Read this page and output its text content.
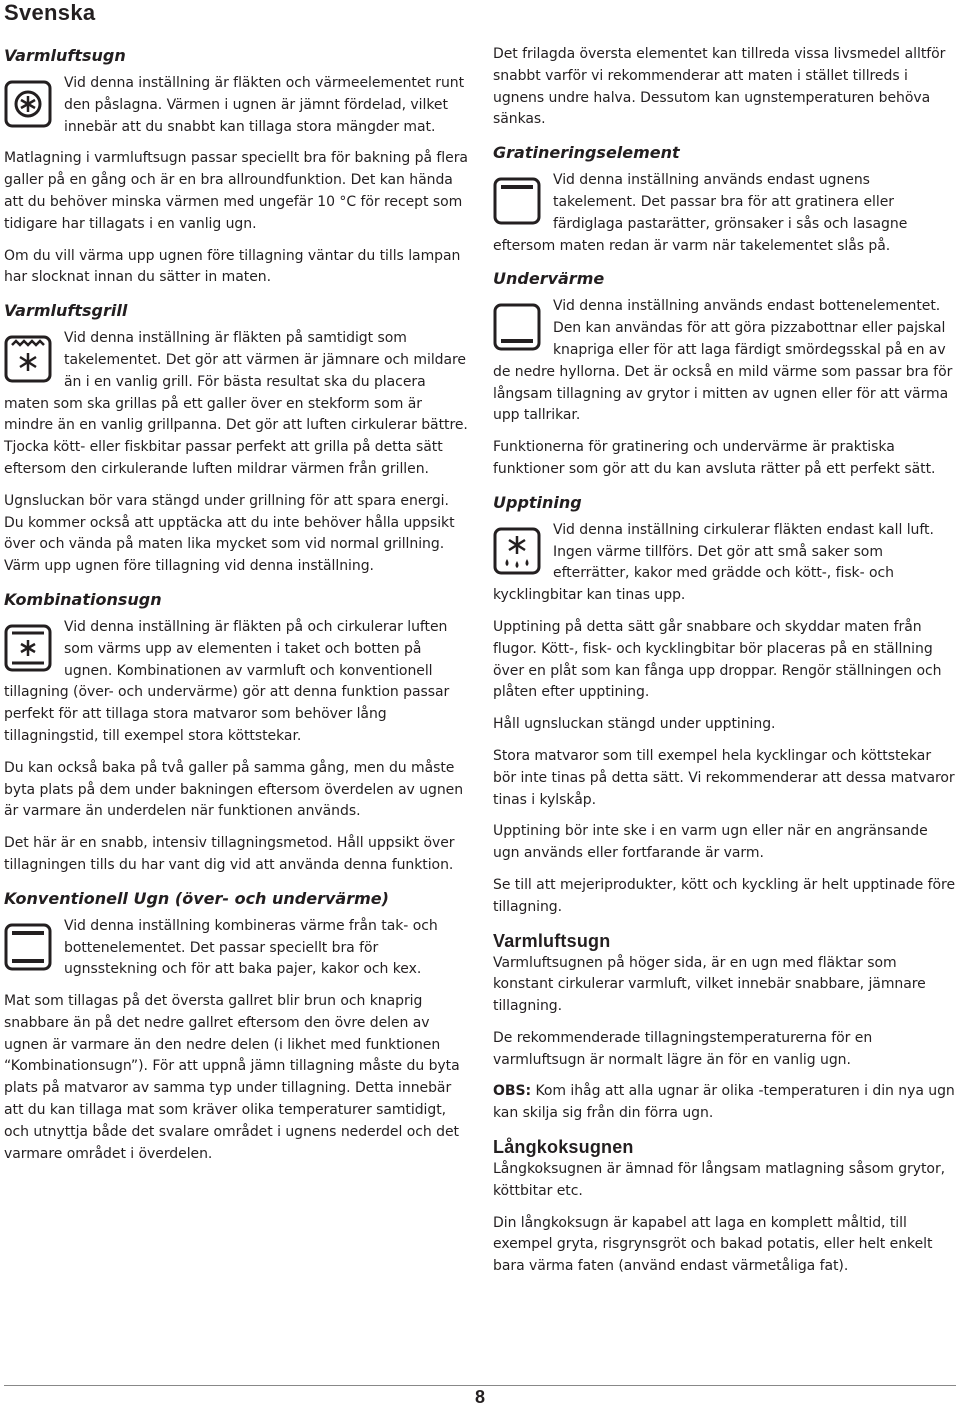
Svenska
Varmluftsugn

Vid denna inställning är fläkten och värmeelementet runt den påslagna. Värmen i ugnen är jämnt fördelad, vilket innebär att du snabbt kan tillaga stora mängder mat.

Matlagning i varmluftsugn passar speciellt bra för bakning på flera galler på en gång och är en bra allroundfunktion. Det kan hända att du behöver minska värmen med ungefär 10 °C för recept som tidigare har tillagats i en vanlig ugn.

Om du vill värma upp ugnen före tillagning väntar du tills lampan har slocknat innan du sätter in maten.

Varmluftsgrill

Vid denna inställning är fläkten på samtidigt som takelementet. Det gör att värmen är jämnare och mildare än i en vanlig grill. För bästa resultat ska du placera maten som ska grillas på ett galler över en stekform som är mindre än en vanlig grillpanna. Det gör att luften cirkulerar bättre. Tjocka kött- eller fiskbitar passar perfekt att grilla på detta sätt eftersom den cirkulerande luften mildrar värmen från grillen.

Ugnsluckan bör vara stängd under grillning för att spara energi. Du kommer också att upptäcka att du inte behöver hålla uppsikt över och vända på maten lika mycket som vid normal grillning. Värm upp ugnen före tillagning vid denna inställning.

Kombinationsugn

Vid denna inställning är fläkten på och cirkulerar luften som värms upp av elementen i taket och botten på ugnen. Kombinationen av varmluft och konventionell tillagning (över- och undervärme) gör att denna funktion passar perfekt för att tillaga stora matvaror som behöver lång tillagningstid, till exempel stora köttstekar.

Du kan också baka på två galler på samma gång, men du måste byta plats på dem under bakningen eftersom överdelen av ugnen är varmare än underdelen när funktionen används.

Det här är en snabb, intensiv tillagningsmetod. Håll uppsikt över tillagningen tills du har vant dig vid att använda denna funktion.

Konventionell Ugn (över- och undervärme)

Vid denna inställning kombineras värme från tak- och bottenelementet. Det passar speciellt bra för ugnsstekning och för att baka pajer, kakor och kex.

Mat som tillagas på det översta gallret blir brun och knaprig snabbare än på det nedre gallret eftersom den övre delen av ugnen är varmare än den nedre delen (i likhet med funktionen “Kombinationsugn”). För att uppnå jämn tillagning måste du byta plats på matvaror av samma typ under tillagning. Detta innebär att du kan tillaga mat som kräver olika temperaturer samtidigt, och utnyttja både det svalare området i ugnens nederdel och det varmare området i överdelen.

Det frilagda översta elementet kan tillreda vissa livsmedel alltför snabbt varför vi rekommenderar att maten i stället tillreds i ugnens undre halva. Dessutom kan ugnstemperaturen behöva sänkas.

Gratineringselement

Vid denna inställning används endast ugnens takelement. Det passar bra för att gratinera eller färdiglaga pastarätter, grönsaker i sås och lasagne eftersom maten redan är varm när takelementet slås på.

Undervärme

Vid denna inställning används endast bottenelementet. Den kan användas för att göra pizzabottnar eller pajskal knapriga eller för att laga färdigt smördegsskal på en av de nedre hyllorna. Det är också en mild värme som passar bra för långsam tillagning av grytor i mitten av ugnen eller för att värma upp tallrikar.

Funktionerna för gratinering och undervärme är praktiska funktioner som gör att du kan avsluta rätter på ett perfekt sätt.

Upptining

Vid denna inställning cirkulerar fläkten endast kall luft. Ingen värme tillförs. Det gör att små saker som efterrätter, kakor med grädde och kött-, fisk- och kycklingbitar kan tinas upp.

Upptining på detta sätt går snabbare och skyddar maten från flugor. Kött-, fisk- och kycklingbitar bör placeras på en ställning över en plåt som kan fånga upp droppar. Rengör ställningen och plåten efter upptining.

Håll ugnsluckan stängd under upptining.

Stora matvaror som till exempel hela kycklingar och köttstekar bör inte tinas på detta sätt. Vi rekommenderar att dessa matvaror tinas i kylskåp.

Upptining bör inte ske i en varm ugn eller när en angränsande ugn används eller fortfarande är varm.

Se till att mejeriprodukter, kött och kyckling är helt upptinade före tillagning.

Varmluftsugn

Varmluftsugnen på höger sida, är en ugn med fläktar som konstant cirkulerar varmluft, vilket innebär snabbare, jämnare tillagning.

De rekommenderade tillagningstemperaturerna för en varmluftsugn är normalt lägre än för en vanlig ugn.

OBS: Kom ihåg att alla ugnar är olika -temperaturen i din nya ugn kan skilja sig från din förra ugn.

Långkoksugnen

Långkoksugnen är ämnad för långsam matlagning såsom grytor, köttbitar etc.

Din långkoksugn är kapabel att laga en komplett måltid, till exempel gryta, risgrynsgröt och bakad potatis, eller helt enkelt bara värma faten (använd endast värmetåliga fat).

8
